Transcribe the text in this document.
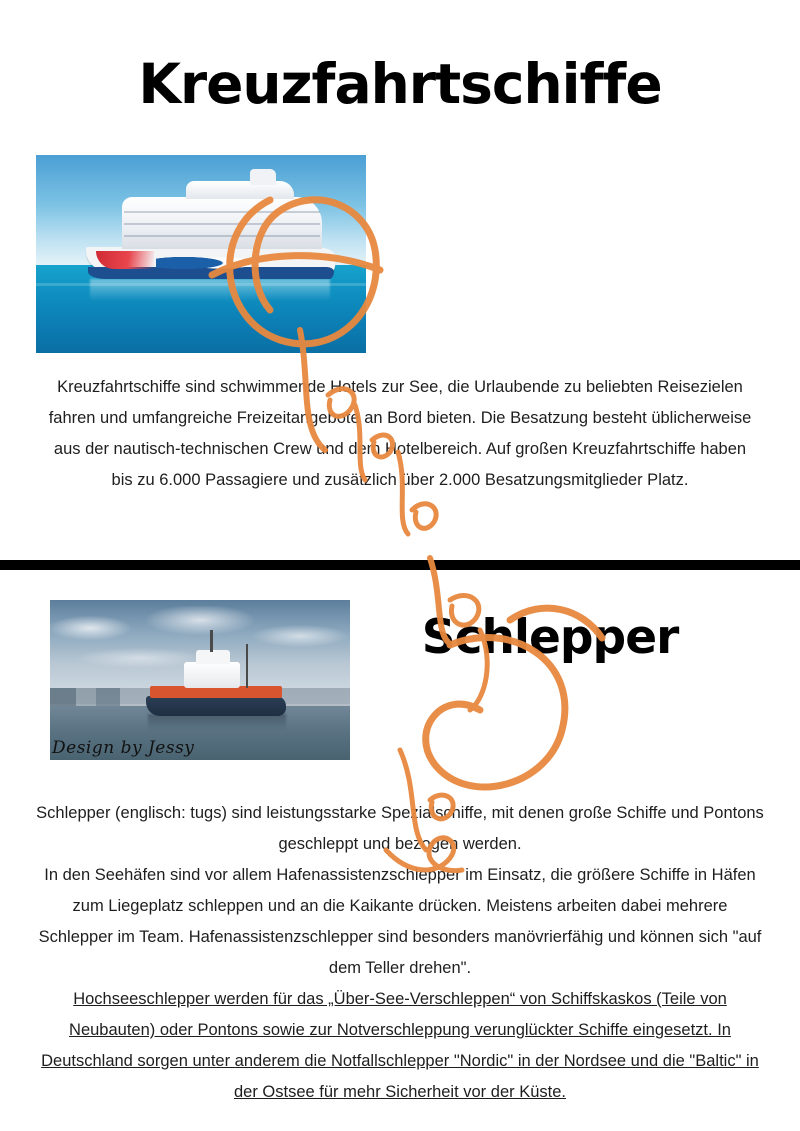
Kreuzfahrtschiffe
Kreuzfahrtschiffe sind schwimmende Hotels zur See, die Urlaubende zu beliebten Reisezielen fahren und umfangreiche Freizeitangebote an Bord bieten. Die Besatzung besteht üblicherweise aus der nautisch-technischen Crew und dem Hotelbereich. Auf großen Kreuzfahrtschiffe haben bis zu 6.000 Passagiere und zusätzlich über 2.000 Besatzungsmitglieder Platz.
Design by Jessy
Schlepper
Schlepper (englisch: tugs) sind leistungsstarke Spezialschiffe, mit denen große Schiffe und Pontons geschleppt und bezogen werden.
In den Seehäfen sind vor allem Hafenassistenzschlepper im Einsatz, die größere Schiffe in Häfen zum Liegeplatz schleppen und an die Kaikante drücken. Meistens arbeiten dabei mehrere Schlepper im Team. Hafenassistenzschlepper sind besonders manövrierfähig und können sich "auf dem Teller drehen".
Hochseeschlepper werden für das „Über-See-Verschleppen“ von Schiffskaskos (Teile von Neubauten) oder Pontons sowie zur Notverschleppung verunglückter Schiffe eingesetzt. In Deutschland sorgen unter anderem die Notfallschlepper "Nordic" in der Nordsee und die "Baltic" in der Ostsee für mehr Sicherheit vor der Küste.
